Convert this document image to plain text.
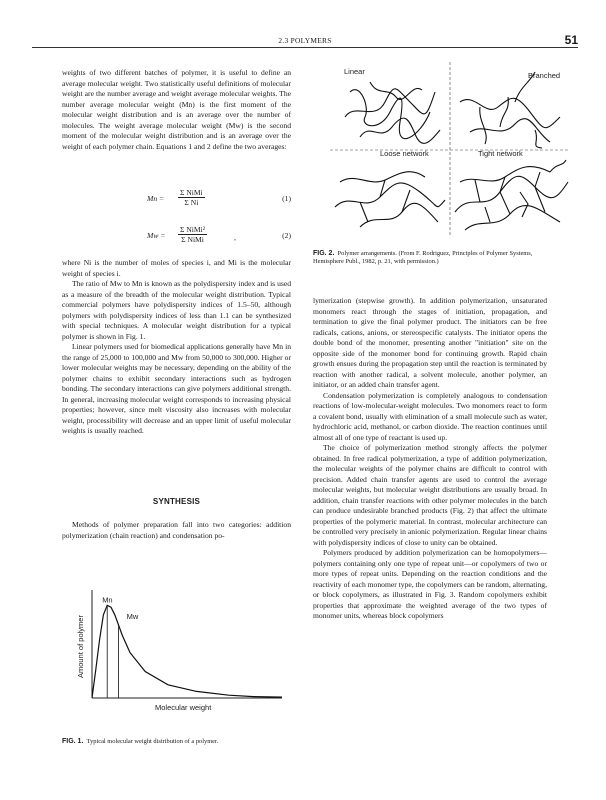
2.3 POLYMERS	51

weights of two different batches of polymer, it is useful to define an average molecular weight. Two statistically useful definitions of molecular weight are the number average and weight average molecular weights. The number average molecular weight (Mn) is the first moment of the molecular weight distribution and is an average over the number of molecules. The weight average molecular weight (Mw) is the second moment of the molecular weight distribution and is an average over the weight of each polymer chain. Equations 1 and 2 define the two averages:

Mn =
Σ NiMi
Σ Ni	(1)
Mw =
Σ NiMi²
Σ NiMi	,	(2)

where Ni is the number of moles of species i, and Mi is the molecular weight of species i.

The ratio of Mw to Mn is known as the polydispersity index and is used as a measure of the breadth of the molecular weight distribution. Typical commercial polymers have polydispersity indices of 1.5–50, although polymers with polydispersity indices of less than 1.1 can be synthesized with special techniques. A molecular weight distribution for a typical polymer is shown in Fig. 1.

Linear polymers used for biomedical applications generally have Mn in the range of 25,000 to 100,000 and Mw from 50,000 to 300,000. Higher or lower molecular weights may be necessary, depending on the ability of the polymer chains to exhibit secondary interactions such as hydrogen bonding. The secondary interactions can give polymers additional strength. In general, increasing molecular weight corresponds to increasing physical properties; however, since melt viscosity also increases with molecular weight, processibility will decrease and an upper limit of useful molecular weights is usually reached.

SYNTHESIS

Methods of polymer preparation fall into two categories: addition polymerization (chain reaction) and condensation po-

Amount of polymer
Molecular weight
Mn
Mw
FIG. 1. Typical molecular weight distribution of a polymer.
Linear	Branched
Loose network	Tight network
FIG. 2. Polymer arrangements. (From F. Rodriguez, Principles of Polymer Systems, Hemisphere Publ., 1982, p. 21, with permission.)

lymerization (stepwise growth). In addition polymerization, unsaturated monomers react through the stages of initiation, propagation, and termination to give the final polymer product. The initiators can be free radicals, cations, anions, or stereospecific catalysts. The initiator opens the double bond of the monomer, presenting another "initiation" site on the opposite side of the monomer bond for continuing growth. Rapid chain growth ensues during the propagation step until the reaction is terminated by reaction with another radical, a solvent molecule, another polymer, an initiator, or an added chain transfer agent.

Condensation polymerization is completely analogous to condensation reactions of low-molecular-weight molecules. Two monomers react to form a covalent bond, usually with elimination of a small molecule such as water, hydrochloric acid, methanol, or carbon dioxide. The reaction continues until almost all of one type of reactant is used up.

The choice of polymerization method strongly affects the polymer obtained. In free radical polymerization, a type of addition polymerization, the molecular weights of the polymer chains are difficult to control with precision. Added chain transfer agents are used to control the average molecular weights, but molecular weight distributions are usually broad. In addition, chain transfer reactions with other polymer molecules in the batch can produce undesirable branched products (Fig. 2) that affect the ultimate properties of the polymeric material. In contrast, molecular architecture can be controlled very precisely in anionic polymerization. Regular linear chains with polydispersity indices of close to unity can be obtained.

Polymers produced by addition polymerization can be homopolymers—polymers containing only one type of repeat unit—or copolymers of two or more types of repeat units. Depending on the reaction conditions and the reactivity of each monomer type, the copolymers can be random, alternating, or block copolymers, as illustrated in Fig. 3. Random copolymers exhibit properties that approximate the weighted average of the two types of monomer units, whereas block copolymers
